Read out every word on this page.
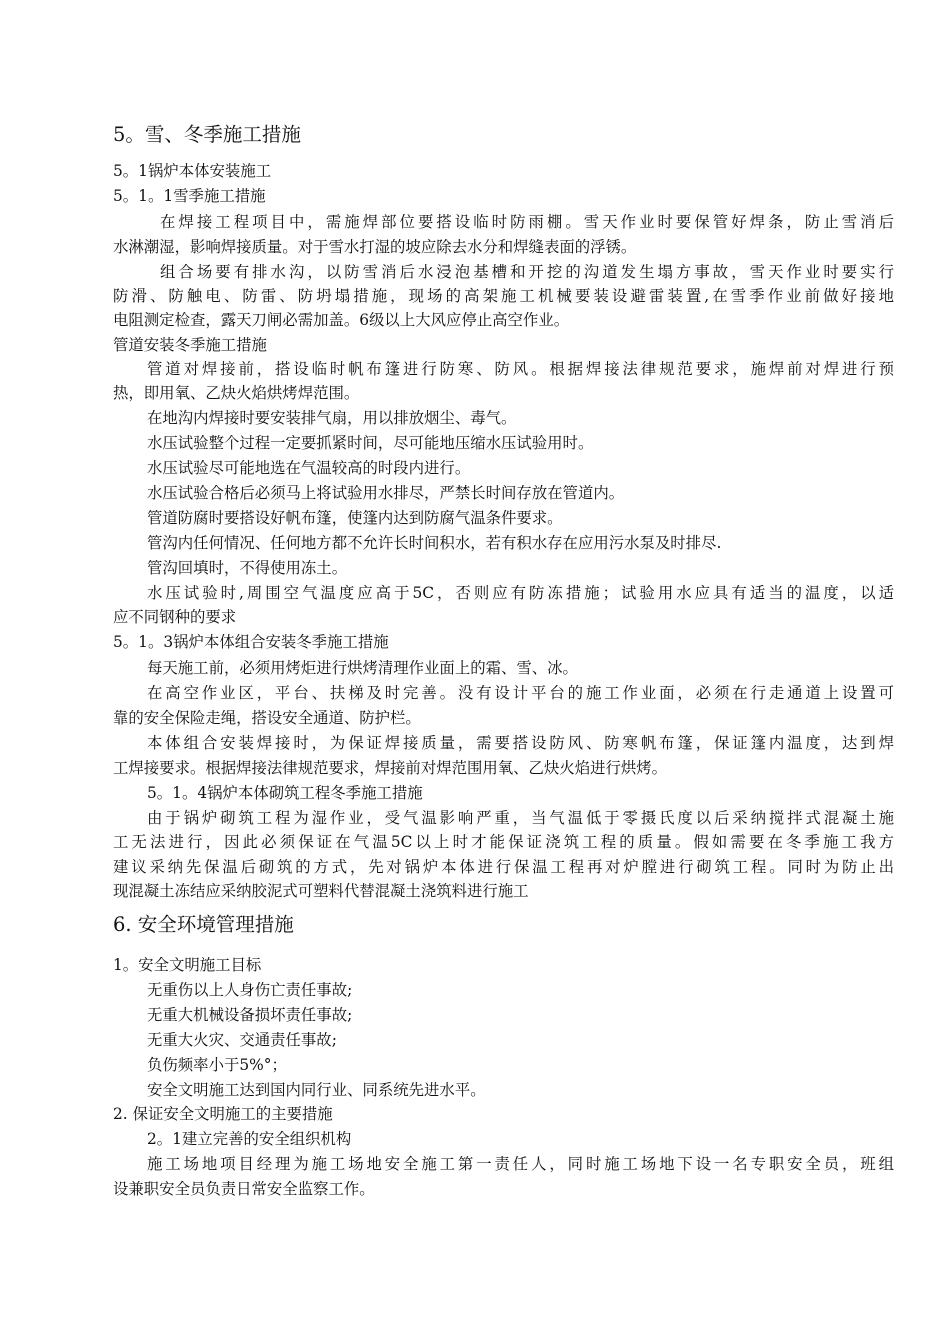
5。雪、冬季施工措施
5。1锅炉本体安装施工
5。1。1雪季施工措施
在焊接工程项目中，需施焊部位要搭设临时防雨棚。雪天作业时要保管好焊条，防止雪消后
水淋潮湿，影响焊接质量。对于雪水打湿的坡应除去水分和焊缝表面的浮锈。
组合场要有排水沟，以防雪消后水浸泡基槽和开挖的沟道发生塌方事故，雪天作业时要实行
防滑、防触电、防雷、防坍塌措施，现场的高架施工机械要装设避雷装置,在雪季作业前做好接地
电阻测定检查，露天刀闸必需加盖。6级以上大风应停止高空作业。
管道安装冬季施工措施
管道对焊接前，搭设临时帆布篷进行防寒、防风。根据焊接法律规范要求，施焊前对焊进行预
热，即用氧、乙炔火焰烘烤焊范围。
在地沟内焊接时要安装排气扇，用以排放烟尘、毒气。
水压试验整个过程一定要抓紧时间，尽可能地压缩水压试验用时。
水压试验尽可能地选在气温较高的时段内进行。
水压试验合格后必须马上将试验用水排尽，严禁长时间存放在管道内。
管道防腐时要搭设好帆布篷，使篷内达到防腐气温条件要求。
管沟内任何情况、任何地方都不允许长时间积水，若有积水存在应用污水泵及时排尽.
管沟回填时，不得使用冻土。
水压试验时,周围空气温度应高于5C，否则应有防冻措施；试验用水应具有适当的温度，以适
应不同钢种的要求
5。1。3锅炉本体组合安装冬季施工措施
每天施工前，必须用烤炬进行烘烤清理作业面上的霜、雪、冰。
在高空作业区，平台、扶梯及时完善。没有设计平台的施工作业面，必须在行走通道上设置可
靠的安全保险走绳，搭设安全通道、防护栏。
本体组合安装焊接时，为保证焊接质量，需要搭设防风、防寒帆布篷，保证篷内温度，达到焊
工焊接要求。根据焊接法律规范要求，焊接前对焊范围用氧、乙炔火焰进行烘烤。
5。1。4锅炉本体砌筑工程冬季施工措施
由于锅炉砌筑工程为湿作业，受气温影响严重，当气温低于零摄氏度以后采纳搅拌式混凝土施
工无法进行，因此必须保证在气温5C以上时才能保证浇筑工程的质量。假如需要在冬季施工我方
建议采纳先保温后砌筑的方式，先对锅炉本体进行保温工程再对炉膛进行砌筑工程。同时为防止出
现混凝土冻结应采纳胶泥式可塑料代替混凝土浇筑料进行施工
6. 安全环境管理措施
1。安全文明施工目标
无重伤以上人身伤亡责任事故;
无重大机械设备损坏责任事故;
无重大火灾、交通责任事故;
负伤频率小于5%°；
安全文明施工达到国内同行业、同系统先进水平。
2. 保证安全文明施工的主要措施
2。1建立完善的安全组织机构
施工场地项目经理为施工场地安全施工第一责任人，同时施工场地下设一名专职安全员，班组
设兼职安全员负责日常安全监察工作。
